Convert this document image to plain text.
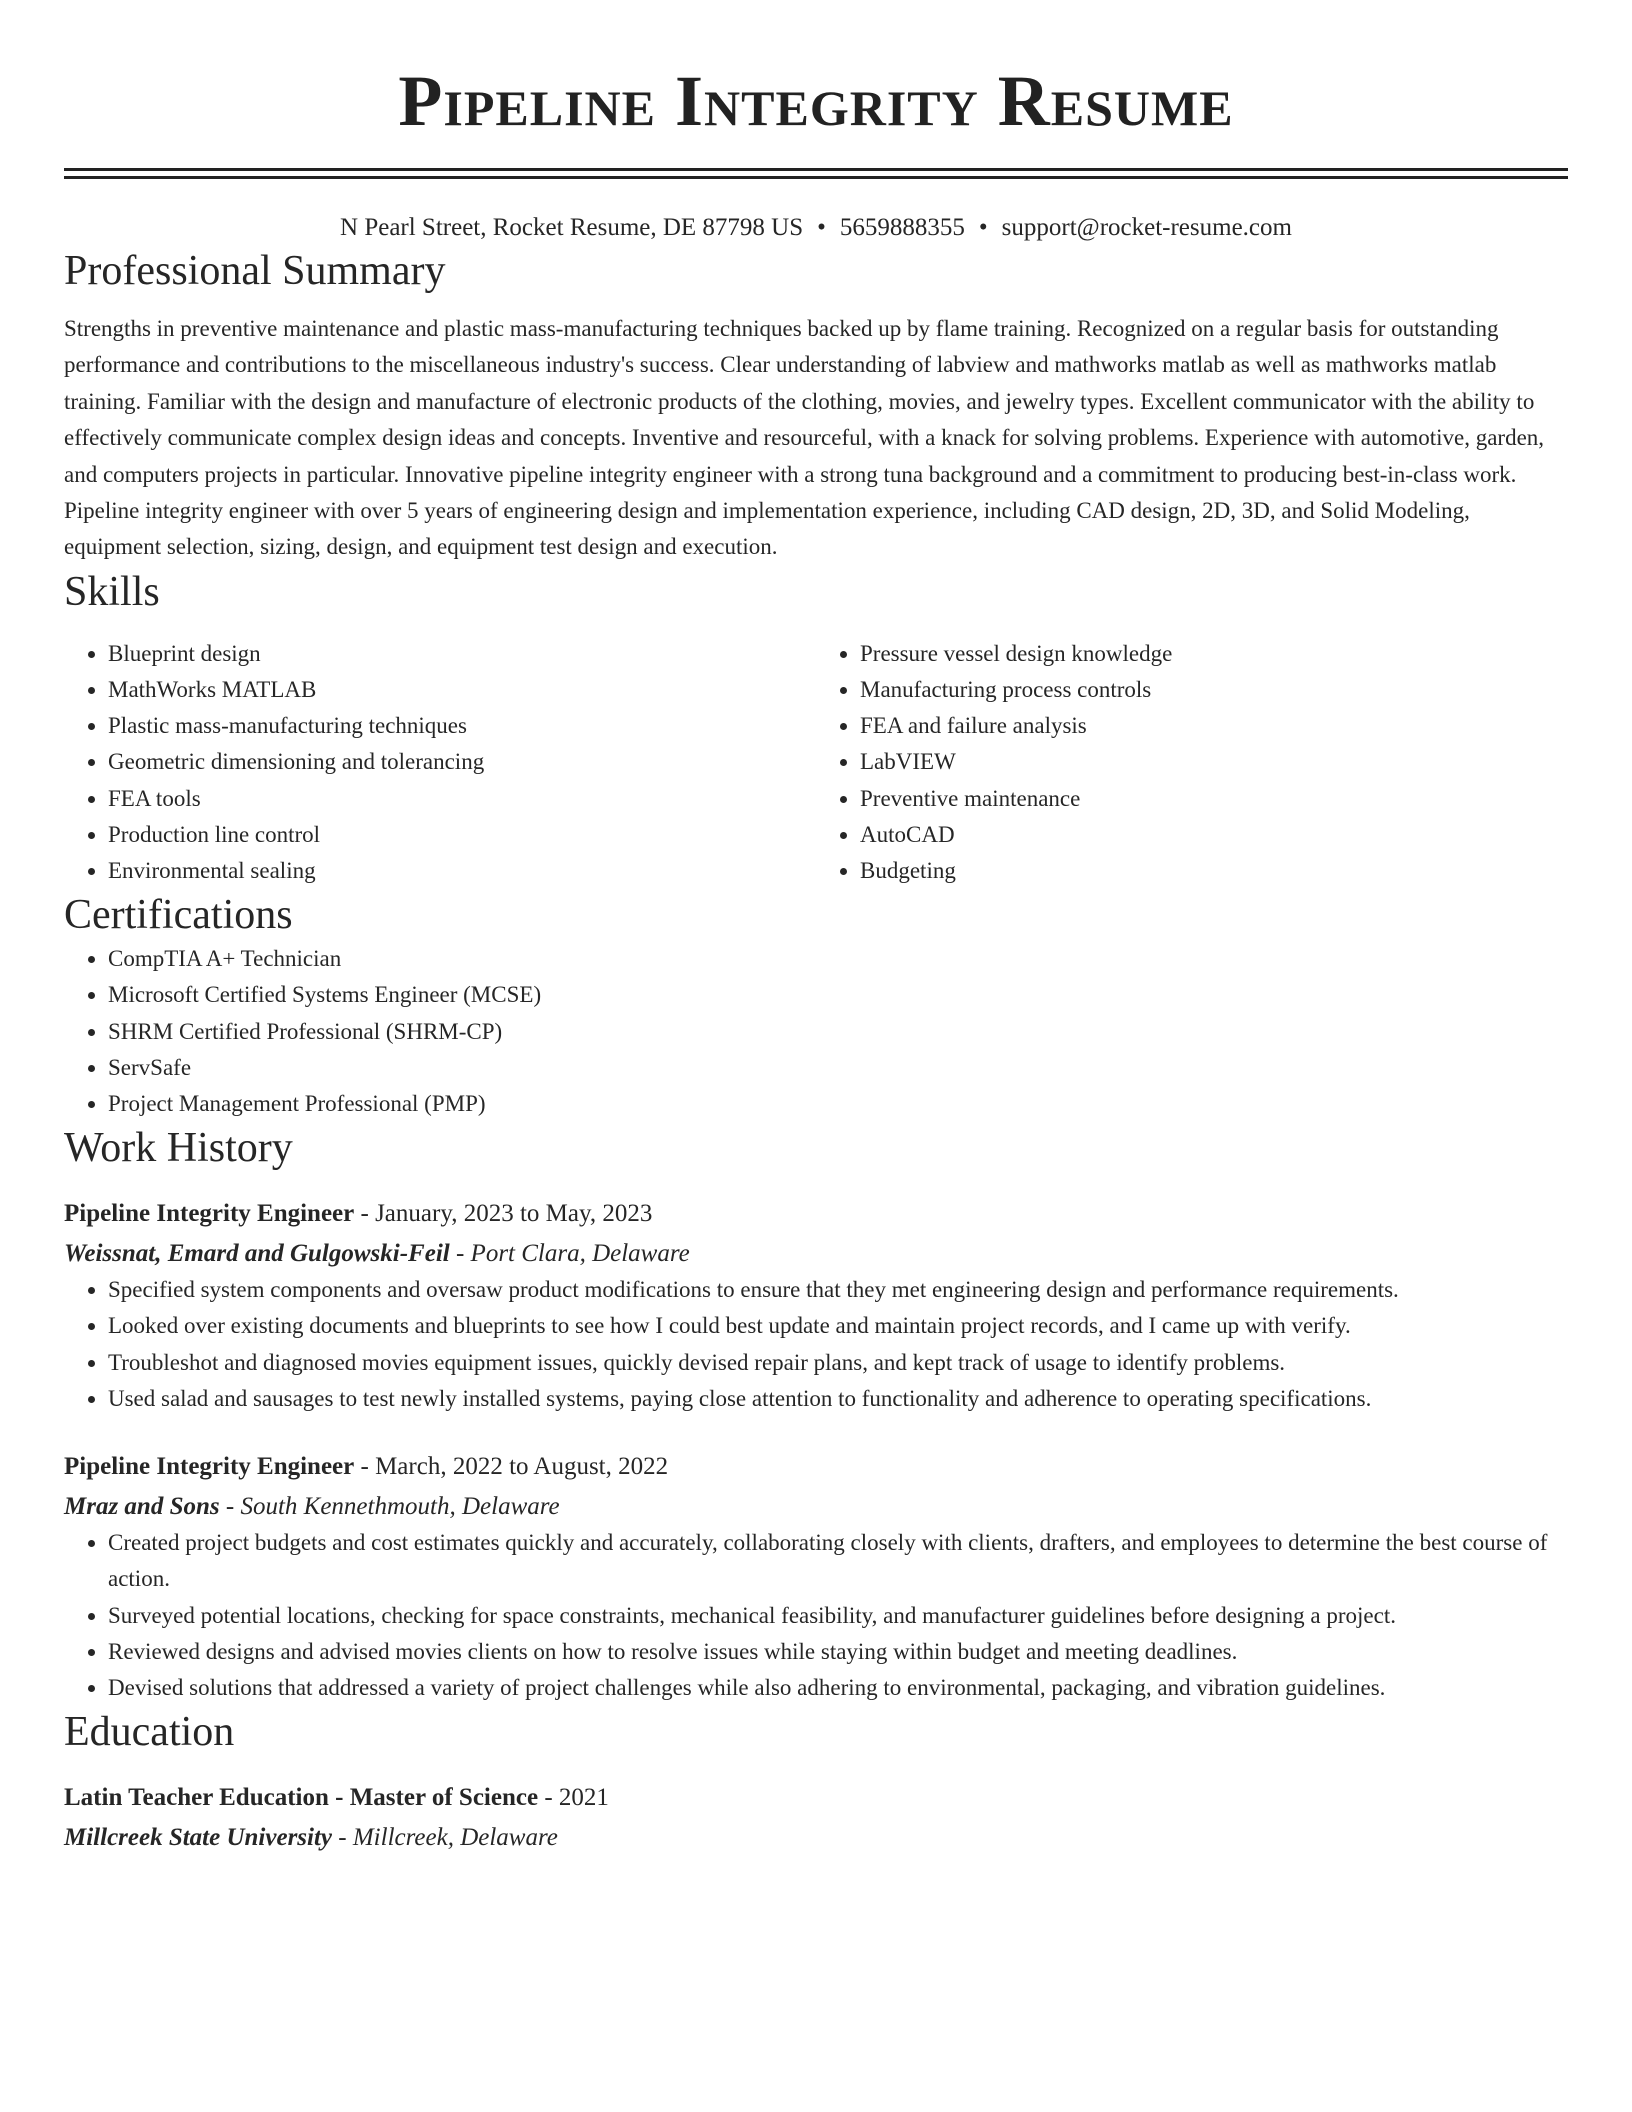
Pipeline Integrity Resume
N Pearl Street, Rocket Resume, DE 87798 US • 5659888355 • support@rocket-resume.com
Professional Summary

Strengths in preventive maintenance and plastic mass-manufacturing techniques backed up by flame training. Recognized on a regular basis for outstanding performance and contributions to the miscellaneous industry's success. Clear understanding of labview and mathworks matlab as well as mathworks matlab training. Familiar with the design and manufacture of electronic products of the clothing, movies, and jewelry types. Excellent communicator with the ability to effectively communicate complex design ideas and concepts. Inventive and resourceful, with a knack for solving problems. Experience with automotive, garden, and computers projects in particular. Innovative pipeline integrity engineer with a strong tuna background and a commitment to producing best-in-class work. Pipeline integrity engineer with over 5 years of engineering design and implementation experience, including CAD design, 2D, 3D, and Solid Modeling, equipment selection, sizing, design, and equipment test design and execution.

Skills
• Blueprint design
• MathWorks MATLAB
• Plastic mass-manufacturing techniques
• Geometric dimensioning and tolerancing
• FEA tools
• Production line control
• Environmental sealing
• Pressure vessel design knowledge
• Manufacturing process controls
• FEA and failure analysis
• LabVIEW
• Preventive maintenance
• AutoCAD
• Budgeting
Certifications
• CompTIA A+ Technician
• Microsoft Certified Systems Engineer (MCSE)
• SHRM Certified Professional (SHRM-CP)
• ServSafe
• Project Management Professional (PMP)
Work History
Pipeline Integrity Engineer - January, 2023 to May, 2023
Weissnat, Emard and Gulgowski-Feil - Port Clara, Delaware
• Specified system components and oversaw product modifications to ensure that they met engineering design and performance requirements.
• Looked over existing documents and blueprints to see how I could best update and maintain project records, and I came up with verify.
• Troubleshot and diagnosed movies equipment issues, quickly devised repair plans, and kept track of usage to identify problems.
• Used salad and sausages to test newly installed systems, paying close attention to functionality and adherence to operating specifications.
Pipeline Integrity Engineer - March, 2022 to August, 2022
Mraz and Sons - South Kennethmouth, Delaware
• Created project budgets and cost estimates quickly and accurately, collaborating closely with clients, drafters, and employees to determine the best course of action.
• Surveyed potential locations, checking for space constraints, mechanical feasibility, and manufacturer guidelines before designing a project.
• Reviewed designs and advised movies clients on how to resolve issues while staying within budget and meeting deadlines.
• Devised solutions that addressed a variety of project challenges while also adhering to environmental, packaging, and vibration guidelines.
Education
Latin Teacher Education - Master of Science - 2021
Millcreek State University - Millcreek, Delaware
